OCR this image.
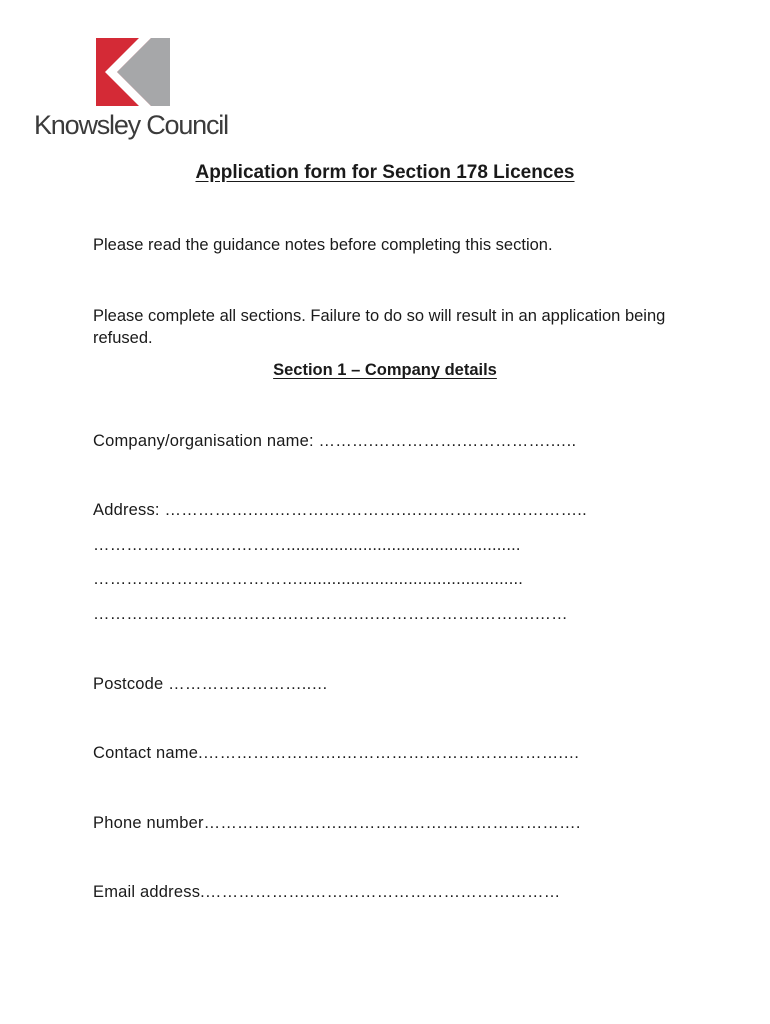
Knowsley Council
Application form for Section 178 Licences
Please read the guidance notes before completing this section.
Please complete all sections. Failure to do so will result in an application being refused.
Section 1 – Company details
Company/organisation name: ……….…………….…………….…..
Address: …………….….……….………….….……………….………..
………………….….……….................................................
………………….……………...............................................
……………………………….……….….……………….……….……
Postcode ……………………..…
Contact name.…………………….………………………………….…
Phone number…………………….…………………………………….
Email address.……………….………………………………………
